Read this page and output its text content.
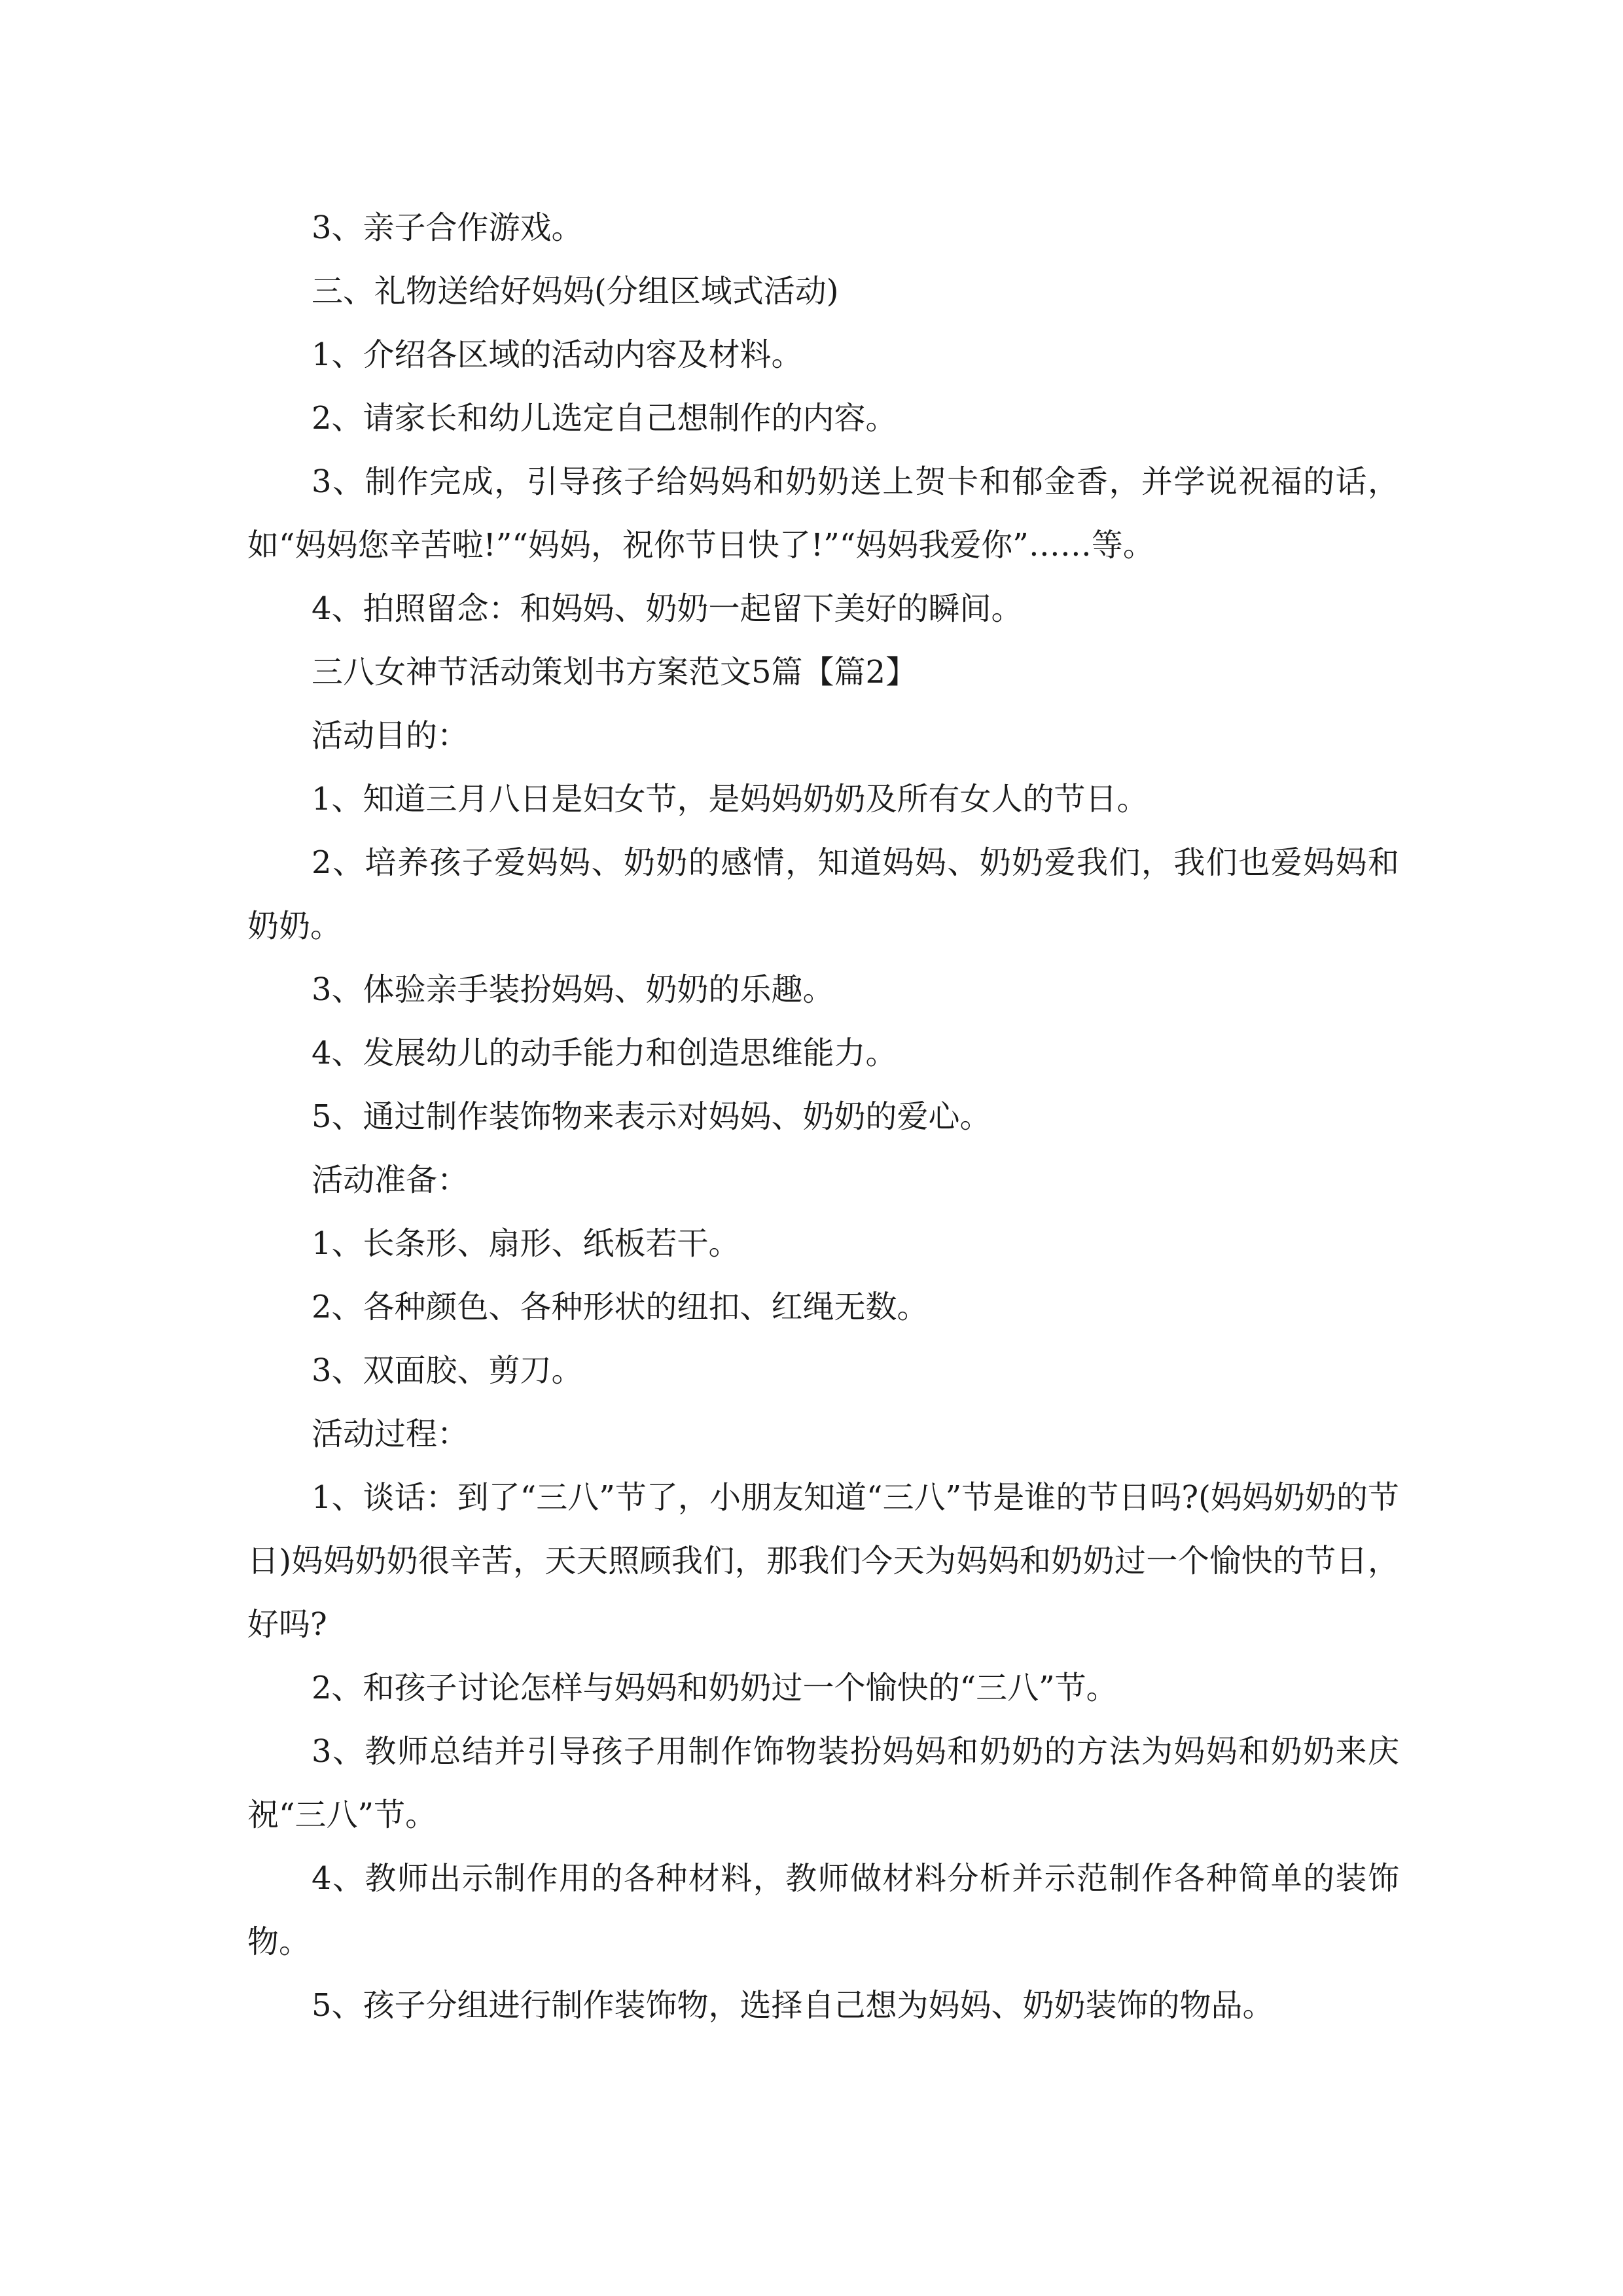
3、亲子合作游戏。

三、礼物送给好妈妈(分组区域式活动)

1、介绍各区域的活动内容及材料。

2、请家长和幼儿选定自己想制作的内容。

3、制作完成，引导孩子给妈妈和奶奶送上贺卡和郁金香，并学说祝福的话，如“妈妈您辛苦啦!”“妈妈，祝你节日快了!”“妈妈我爱你”……等。

4、拍照留念：和妈妈、奶奶一起留下美好的瞬间。

三八女神节活动策划书方案范文5篇【篇2】

活动目的：

1、知道三月八日是妇女节，是妈妈奶奶及所有女人的节日。

2、培养孩子爱妈妈、奶奶的感情，知道妈妈、奶奶爱我们，我们也爱妈妈和奶奶。

3、体验亲手装扮妈妈、奶奶的乐趣。

4、发展幼儿的动手能力和创造思维能力。

5、通过制作装饰物来表示对妈妈、奶奶的爱心。

活动准备：

1、长条形、扇形、纸板若干。

2、各种颜色、各种形状的纽扣、红绳无数。

3、双面胶、剪刀。

活动过程：

1、谈话：到了“三八”节了，小朋友知道“三八”节是谁的节日吗?(妈妈奶奶的节日)妈妈奶奶很辛苦，天天照顾我们，那我们今天为妈妈和奶奶过一个愉快的节日，好吗?

2、和孩子讨论怎样与妈妈和奶奶过一个愉快的“三八”节。

3、教师总结并引导孩子用制作饰物装扮妈妈和奶奶的方法为妈妈和奶奶来庆祝“三八”节。

4、教师出示制作用的各种材料，教师做材料分析并示范制作各种简单的装饰物。

5、孩子分组进行制作装饰物，选择自己想为妈妈、奶奶装饰的物品。
